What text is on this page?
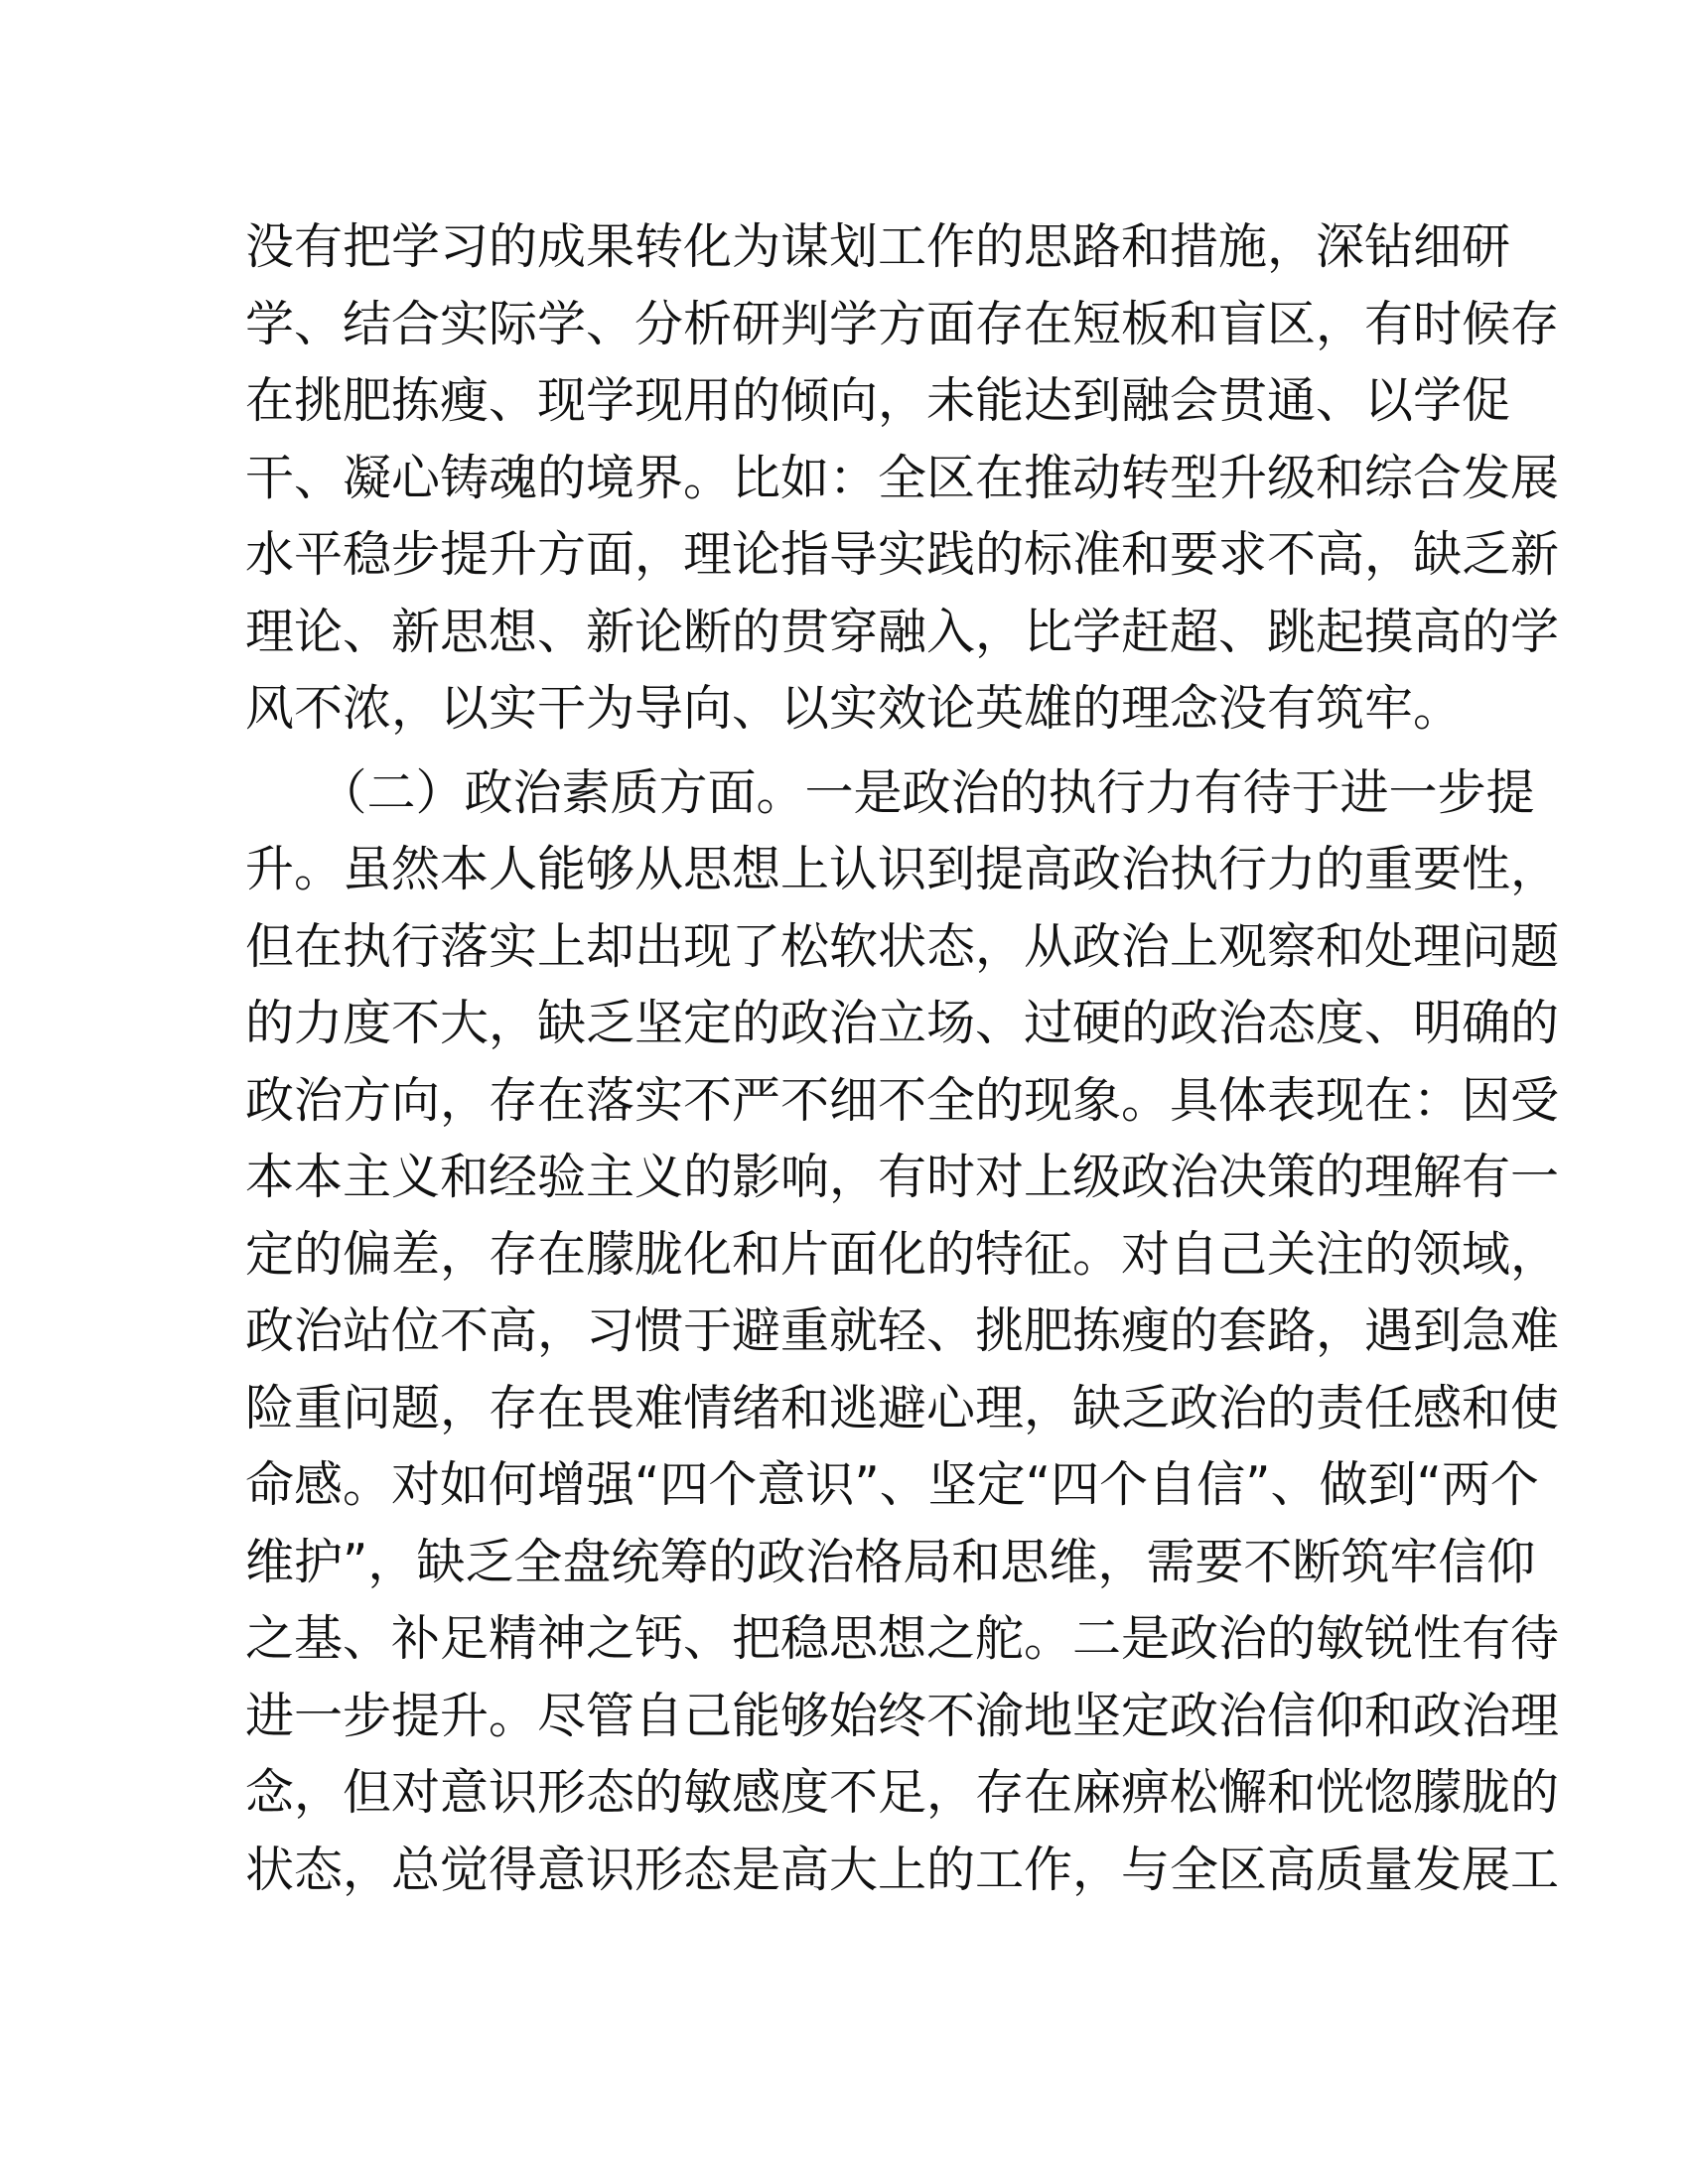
没有把学习的成果转化为谋划工作的思路和措施，深钻细研
学、结合实际学、分析研判学方面存在短板和盲区，有时候存
在挑肥拣瘦、现学现用的倾向，未能达到融会贯通、以学促
干、凝心铸魂的境界。比如：全区在推动转型升级和综合发展
水平稳步提升方面，理论指导实践的标准和要求不高，缺乏新
理论、新思想、新论断的贯穿融入，比学赶超、跳起摸高的学
风不浓，以实干为导向、以实效论英雄的理念没有筑牢。
　　（二）政治素质方面。一是政治的执行力有待于进一步提
升。虽然本人能够从思想上认识到提高政治执行力的重要性，
但在执行落实上却出现了松软状态，从政治上观察和处理问题
的力度不大，缺乏坚定的政治立场、过硬的政治态度、明确的
政治方向，存在落实不严不细不全的现象。具体表现在：因受
本本主义和经验主义的影响，有时对上级政治决策的理解有一
定的偏差，存在朦胧化和片面化的特征。对自己关注的领域，
政治站位不高，习惯于避重就轻、挑肥拣瘦的套路，遇到急难
险重问题，存在畏难情绪和逃避心理，缺乏政治的责任感和使
命感。对如何增强“四个意识”、坚定“四个自信”、做到“两个
维护”，缺乏全盘统筹的政治格局和思维，需要不断筑牢信仰
之基、补足精神之钙、把稳思想之舵。二是政治的敏锐性有待
进一步提升。尽管自己能够始终不渝地坚定政治信仰和政治理
念，但对意识形态的敏感度不足，存在麻痹松懈和恍惚朦胧的
状态，总觉得意识形态是高大上的工作，与全区高质量发展工
